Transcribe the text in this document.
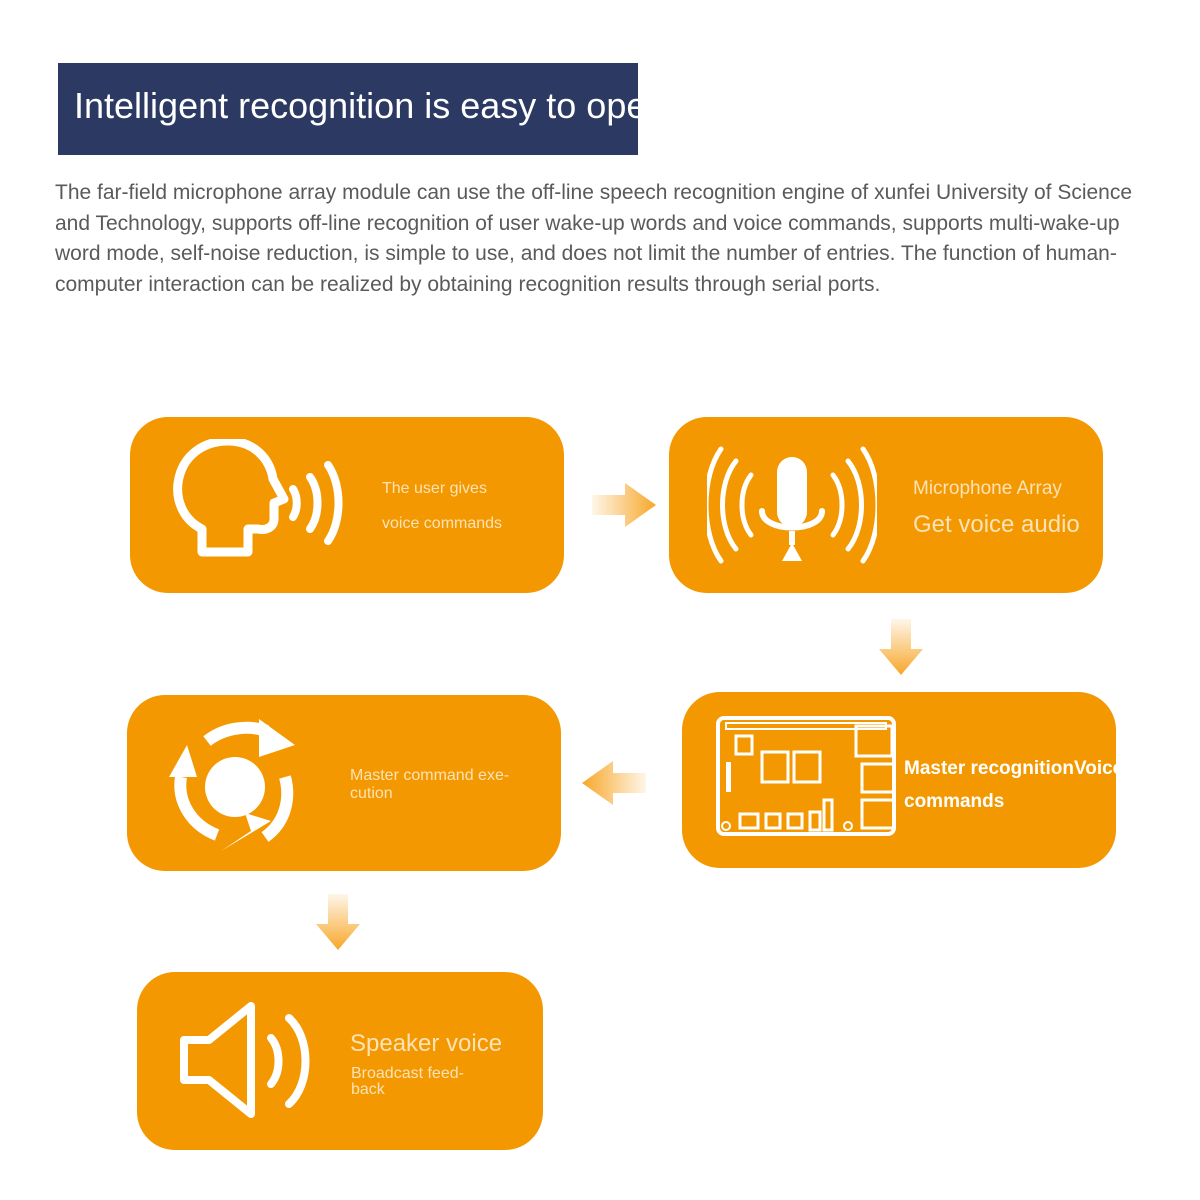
Intelligent recognition is easy to operate.
The far-field microphone array module can use the off-line speech recognition engine of xunfei University of Science and Technology, supports off-line recognition of user wake-up words and voice commands, supports multi-wake-up word mode, self-noise reduction, is simple to use, and does not limit the number of entries. The function of human-computer interaction can be realized by obtaining recognition results through serial ports.
The user gives
voice commands
Microphone Array
Get voice audio
Master command exe-
cution
Master recognitionVoice
commands
Speaker voice
Broadcast feed-
back
